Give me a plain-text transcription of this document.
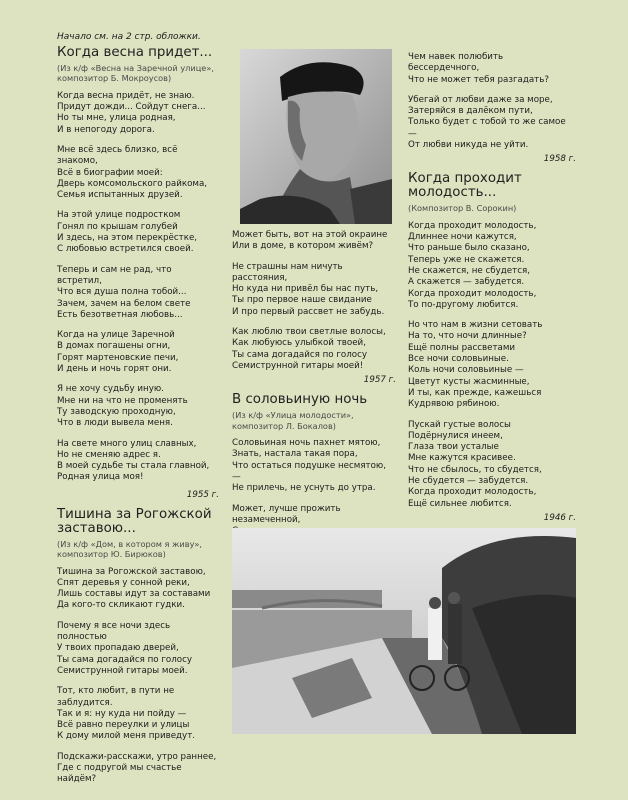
Начало см. на 2 стр. обложки.

Когда весна придет...

(Из к/ф «Весна на Заречной улице»,
композитор Б. Мокроусов)

Когда весна придёт, не знаю.
Придут дожди... Сойдут снега...
Но ты мне, улица родная,
И в непогоду дорога.

Мне всё здесь близко, всё знакомо,
Всё в биографии моей:
Дверь комсомольского райкома,
Семья испытанных друзей.

На этой улице подростком
Гонял по крышам голубей
И здесь, на этом перекрёстке,
С любовью встретился своей.

Теперь и сам не рад, что встретил,
Что вся душа полна тобой...
Зачем, зачем на белом свете
Есть безответная любовь...

Когда на улице Заречной
В домах погашены огни,
Горят мартеновские печи,
И день и ночь горят они.

Я не хочу судьбу иную.
Мне ни на что не променять
Ту заводскую проходную,
Что в люди вывела меня.

На свете много улиц славных,
Но не сменяю адрес я.
В моей судьбе ты стала главной,
Родная улица моя!

1955 г.

Тишина за Рогожской
заставою...

(Из к/ф «Дом, в котором я живу»,
композитор Ю. Бирюков)

Тишина за Рогожской заставою,
Спят деревья у сонной реки,
Лишь составы идут за составами
Да кого-то скликают гудки.

Почему я все ночи здесь полностью
У твоих пропадаю дверей,
Ты сама догадайся по голосу
Семиструнной гитары моей.

Тот, кто любит, в пути не заблудится.
Так и я: ну куда ни пойду —
Всё равно переулки и улицы
К дому милой меня приведут.

Подскажи-расскажи, утро раннее,
Где с подругой мы счастье найдём?

Может быть, вот на этой окраине
Или в доме, в котором живём?

Не страшны нам ничуть расстояния,
Но куда ни привёл бы нас путь,
Ты про первое наше свидание
И про первый рассвет не забудь.

Как люблю твои светлые волосы,
Как любуюсь улыбкой твоей,
Ты сама догадайся по голосу
Семиструнной гитары моей!

1957 г.

В соловьиную ночь

(Из к/ф «Улица молодости»,
композитор Л. Бокалов)

Соловьиная ночь пахнет мятою,
Знать, настала такая пора,
Что остаться подушке несмятою, —
Не прилечь, не уснуть до утра.

Может, лучше прожить
незамеченной,

Чем навек полюбить бессердечного,
Что не может тебя разгадать?

Убегай от любви даже за море,
Затеряйся в далёком пути,
Только будет с тобой то же самое —
От любви никуда не уйти.

1958 г.

Когда проходит
молодость...

(Композитор В. Сорокин)

Когда проходит молодость,
Длиннее ночи кажутся,
Что раньше было сказано,
Теперь уже не скажется.
Не скажется, не сбудется,
А скажется — забудется.
Когда проходит молодость,
То по-другому любится.

Но что нам в жизни сетовать
На то, что ночи длинные?
Ещё полны рассветами
Все ночи соловьиные.
Коль ночи соловьиные —
Цветут кусты жасминные,
И ты, как прежде, кажешься
Кудрявою рябиною.

Пускай густые волосы
Подёрнулися инеем,
Глаза твои усталые
Мне кажутся красивее.
Что не сбылось, то сбудется,
Не сбудется — забудется.
Когда проходит молодость,
Ещё сильнее любится.

1946 г.
